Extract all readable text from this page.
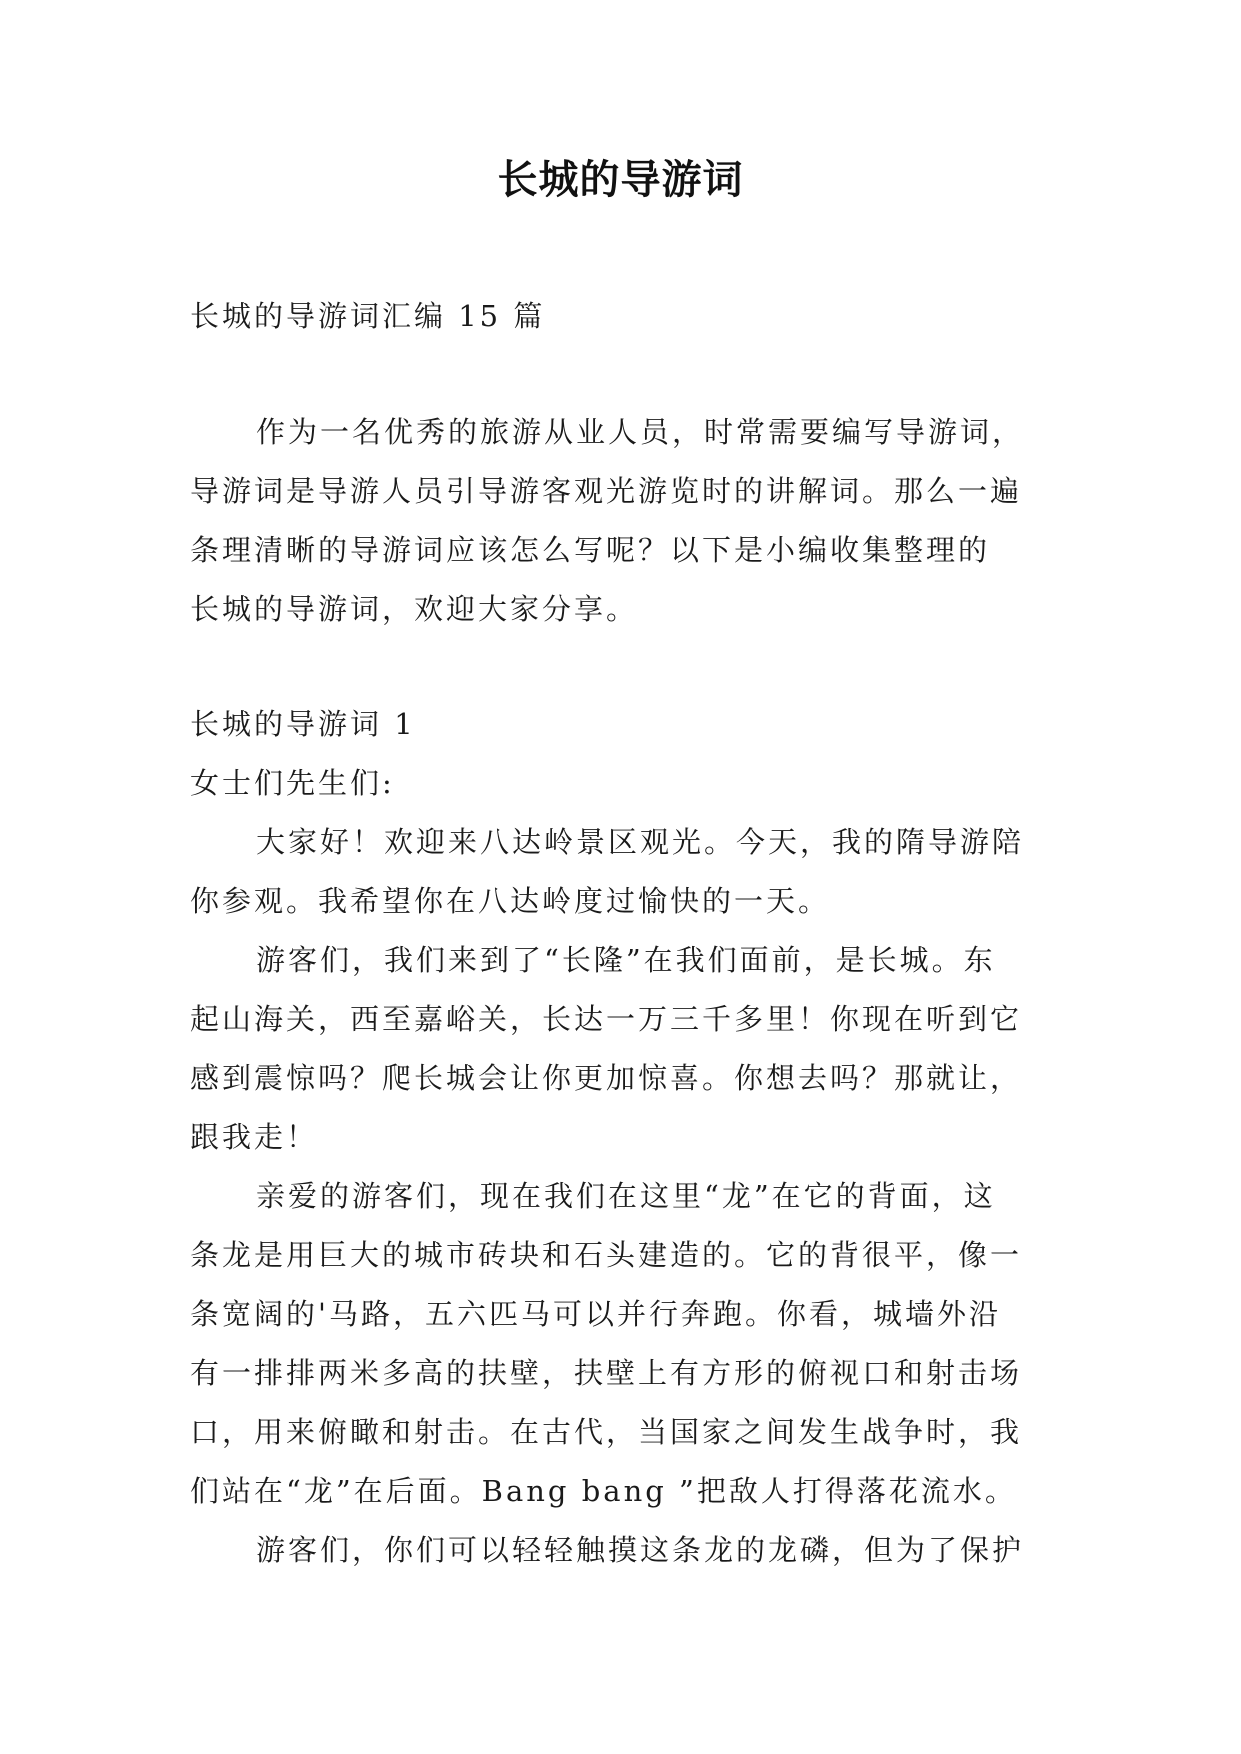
长城的导游词
长城的导游词汇编 15 篇
作为一名优秀的旅游从业人员，时常需要编写导游词，
导游词是导游人员引导游客观光游览时的讲解词。那么一遍
条理清晰的导游词应该怎么写呢？以下是小编收集整理的
长城的导游词，欢迎大家分享。
长城的导游词 1
女士们先生们:
大家好！欢迎来八达岭景区观光。今天，我的隋导游陪
你参观。我希望你在八达岭度过愉快的一天。
游客们，我们来到了“长隆”在我们面前，是长城。东
起山海关，西至嘉峪关，长达一万三千多里！你现在听到它
感到震惊吗？爬长城会让你更加惊喜。你想去吗？那就让，
跟我走！
亲爱的游客们，现在我们在这里“龙”在它的背面，这
条龙是用巨大的城市砖块和石头建造的。它的背很平，像一
条宽阔的'马路，五六匹马可以并行奔跑。你看，城墙外沿
有一排排两米多高的扶壁，扶壁上有方形的俯视口和射击场
口，用来俯瞰和射击。在古代，当国家之间发生战争时，我
们站在“龙”在后面。Bang bang ”把敌人打得落花流水。
游客们，你们可以轻轻触摸这条龙的龙磷，但为了保护
